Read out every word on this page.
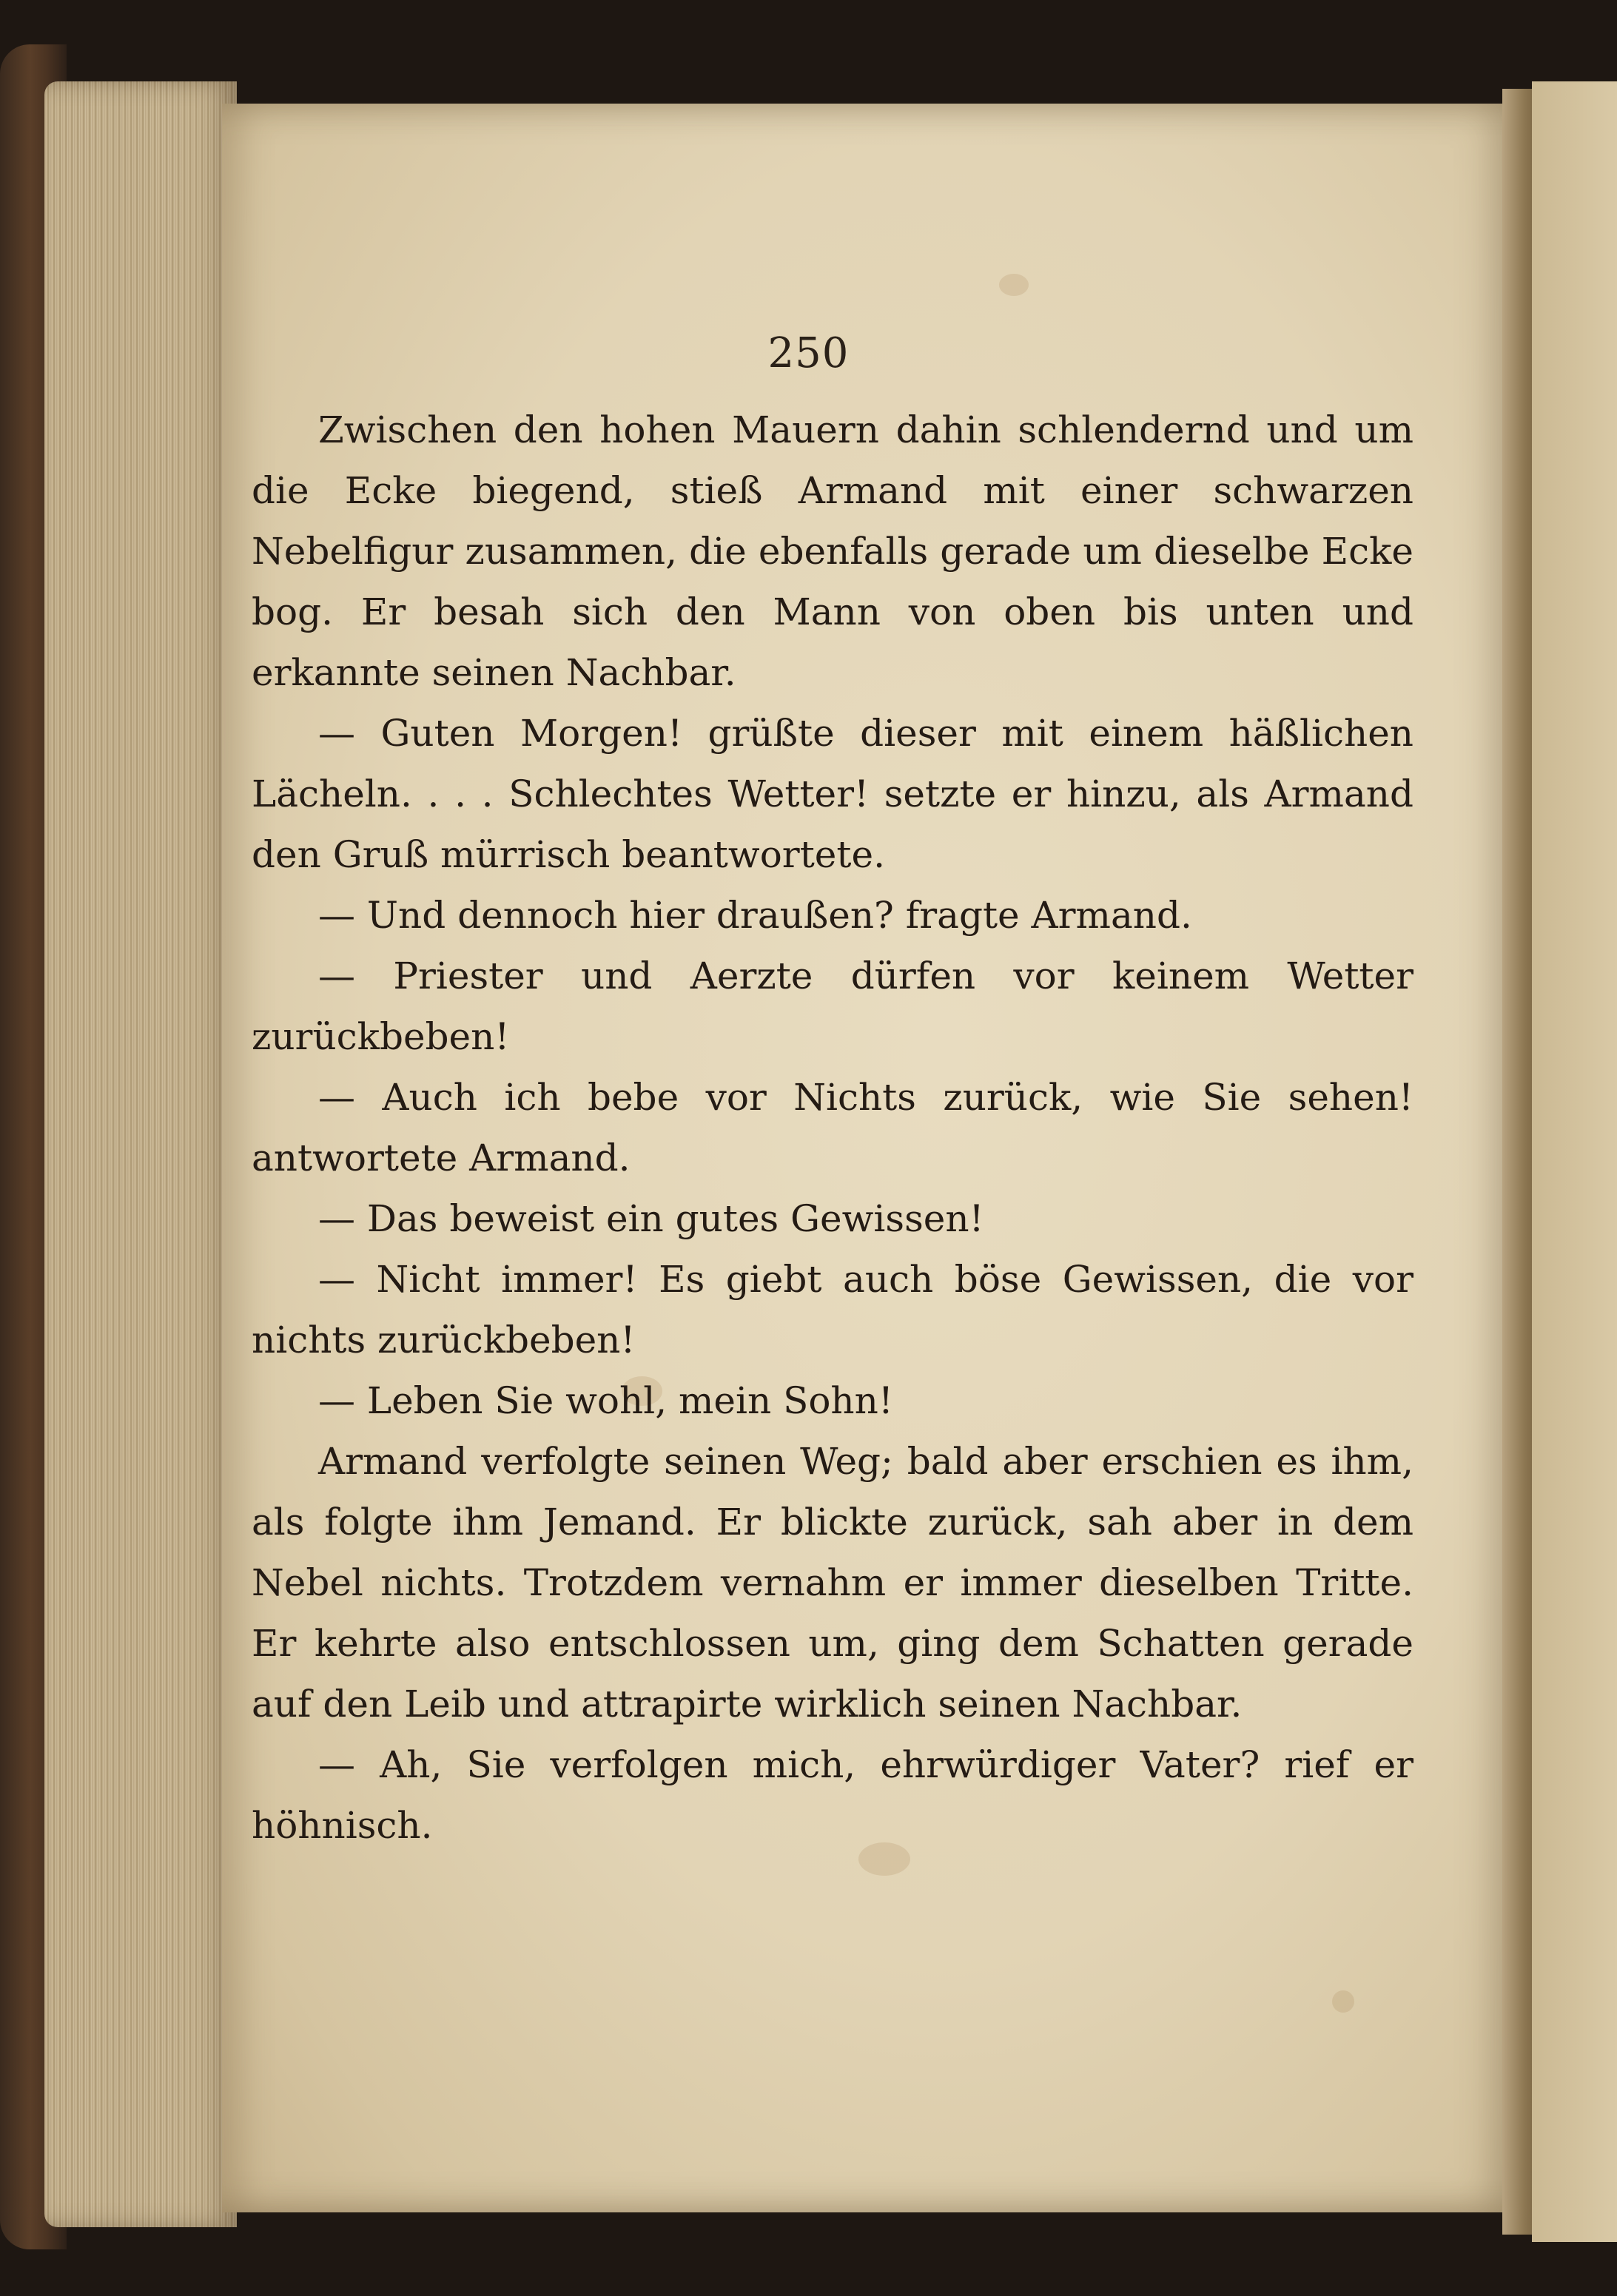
250

Zwischen den hohen Mauern dahin schlendernd und um die Ecke biegend, stieß Armand mit einer schwarzen Nebelfigur zusammen, die ebenfalls gerade um dieselbe Ecke bog. Er besah sich den Mann von oben bis unten und erkannte seinen Nachbar.

— Guten Morgen! grüßte dieser mit einem häßlichen Lächeln. . . . Schlechtes Wetter! setzte er hinzu, als Armand den Gruß mürrisch beantwortete.

— Und dennoch hier draußen? fragte Armand.

— Priester und Aerzte dürfen vor keinem Wetter zurückbeben!

— Auch ich bebe vor Nichts zurück, wie Sie sehen! antwortete Armand.

— Das beweist ein gutes Gewissen!

— Nicht immer! Es giebt auch böse Gewissen, die vor nichts zurückbeben!

— Leben Sie wohl, mein Sohn!

Armand verfolgte seinen Weg; bald aber erschien es ihm, als folgte ihm Jemand. Er blickte zurück, sah aber in dem Nebel nichts. Trotzdem vernahm er immer dieselben Tritte. Er kehrte also entschlossen um, ging dem Schatten gerade auf den Leib und attrapirte wirklich seinen Nachbar.

— Ah, Sie verfolgen mich, ehrwürdiger Vater? rief er höhnisch.
